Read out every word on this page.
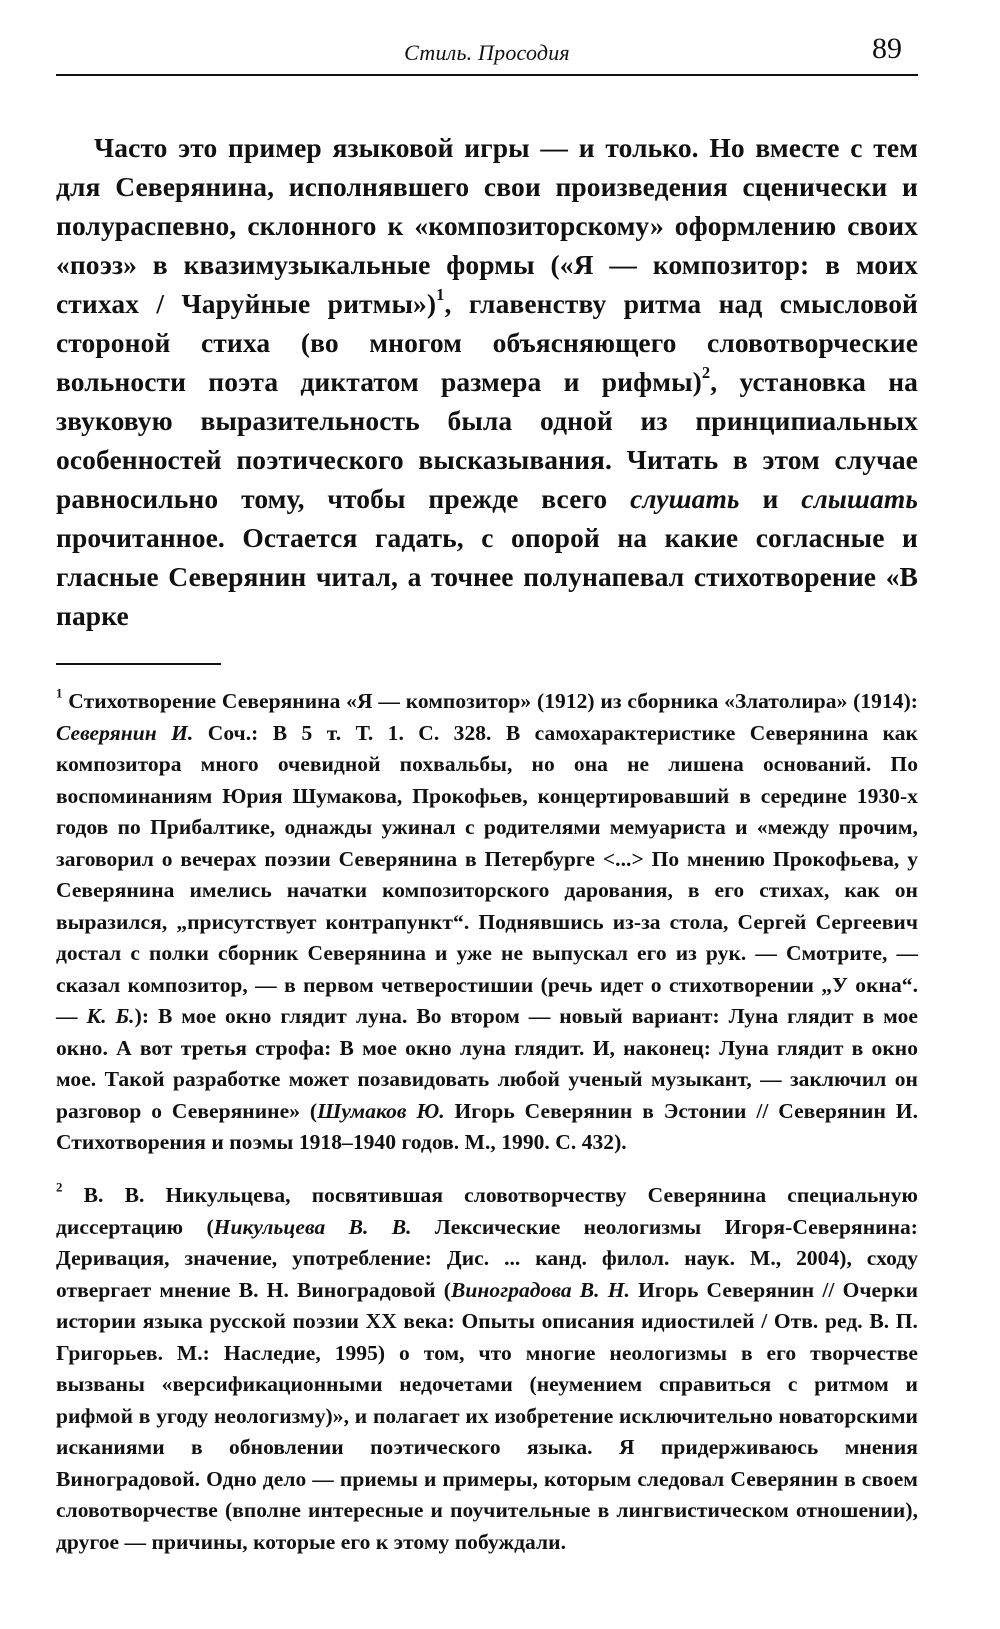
Стиль. Просодия	89

Часто это пример языковой игры — и только. Но вместе с тем для Северянина, исполнявшего свои произведения сценически и полураспевно, склонного к «композиторскому» оформлению своих «поэз» в квазимузыкальные формы («Я — композитор: в моих стихах / Чаруйные ритмы»)$^1$, главенству ритма над смысловой стороной стиха (во многом объясняющего словотворческие вольности поэта диктатом размера и рифмы)$^2$, установка на звуковую выразительность была одной из принципиальных особенностей поэтического высказывания. Читать в этом случае равносильно тому, чтобы прежде всего слушать и слышать прочитанное. Остается гадать, с опорой на какие согласные и гласные Северянин читал, а точнее полунапевал стихотворение «В парке

$^1$ Стихотворение Северянина «Я — композитор» (1912) из сборника «Златолира» (1914): Северянин И. Соч.: В 5 т. Т. 1. С. 328. В самохарактеристике Северянина как композитора много очевидной похвальбы, но она не лишена оснований. По воспоминаниям Юрия Шумакова, Прокофьев, концертировавший в середине 1930-х годов по Прибалтике, однажды ужинал с родителями мемуариста и «между прочим, заговорил о вечерах поэзии Северянина в Петербурге <...> По мнению Прокофьева, у Северянина имелись начатки композиторского дарования, в его стихах, как он выразился, „присутствует контрапункт“. Поднявшись из-за стола, Сергей Сергеевич достал с полки сборник Северянина и уже не выпускал его из рук. — Смотрите, — сказал композитор, — в первом четверостишии (речь идет о стихотворении „У окна“. — К. Б.): В мое окно глядит луна. Во втором — новый вариант: Луна глядит в мое окно. А вот третья строфа: В мое окно луна глядит. И, наконец: Луна глядит в окно мое. Такой разработке может позавидовать любой ученый музыкант, — заключил он разговор о Северянине» (Шумаков Ю. Игорь Северянин в Эстонии // Северянин И. Стихотворения и поэмы 1918–1940 годов. М., 1990. С. 432).

$^2$ В. В. Никульцева, посвятившая словотворчеству Северянина специальную диссертацию (Никульцева В. В. Лексические неологизмы Игоря-Северянина: Деривация, значение, употребление: Дис. ... канд. филол. наук. М., 2004), сходу отвергает мнение В. Н. Виноградовой (Виноградова В. Н. Игорь Северянин // Очерки истории языка русской поэзии XX века: Опыты описания идиостилей / Отв. ред. В. П. Григорьев. М.: Наследие, 1995) о том, что многие неологизмы в его творчестве вызваны «версификационными недочетами (неумением справиться с ритмом и рифмой в угоду неологизму)», и полагает их изобретение исключительно новаторскими исканиями в обновлении поэтического языка. Я придерживаюсь мнения Виноградовой. Одно дело — приемы и примеры, которым следовал Северянин в своем словотворчестве (вполне интересные и поучительные в лингвистическом отношении), другое — причины, которые его к этому побуждали.
